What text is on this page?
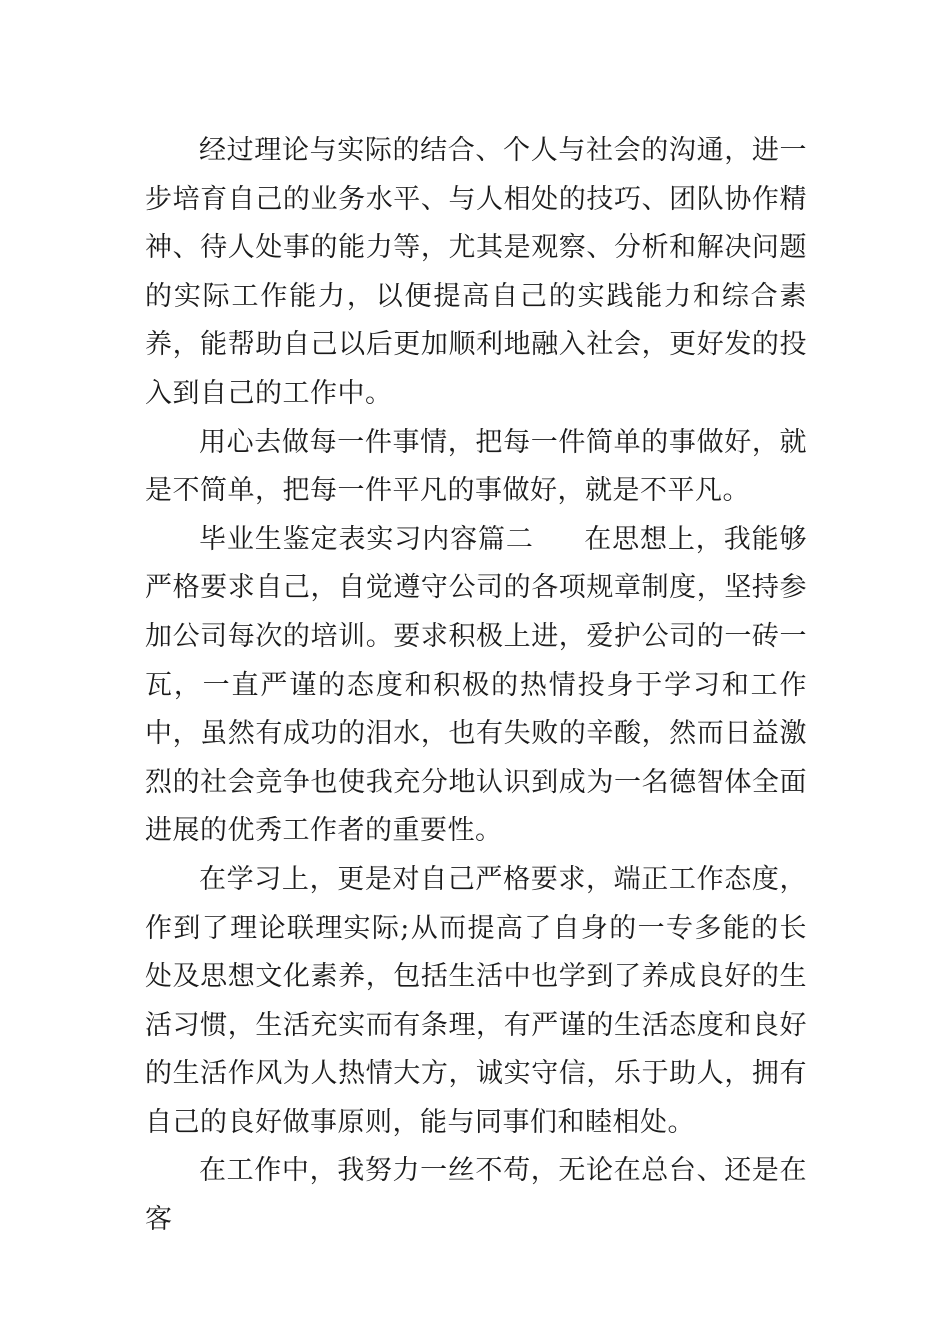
经过理论与实际的结合、个人与社会的沟通，进一步培育自己的业务水平、与人相处的技巧、团队协作精神、待人处事的能力等，尤其是观察、分析和解决问题的实际工作能力，以便提高自己的实践能力和综合素养，能帮助自己以后更加顺利地融入社会，更好发的投入到自己的工作中。

用心去做每一件事情，把每一件简单的事做好，就是不简单，把每一件平凡的事做好，就是不平凡。

毕业生鉴定表实习内容篇二 在思想上，我能够严格要求自己，自觉遵守公司的各项规章制度，坚持参加公司每次的培训。要求积极上进，爱护公司的一砖一瓦，一直严谨的态度和积极的热情投身于学习和工作中，虽然有成功的泪水，也有失败的辛酸，然而日益激烈的社会竞争也使我充分地认识到成为一名德智体全面进展的优秀工作者的重要性。

在学习上，更是对自己严格要求，端正工作态度，作到了理论联理实际;从而提高了自身的一专多能的长处及思想文化素养，包括生活中也学到了养成良好的生活习惯，生活充实而有条理，有严谨的生活态度和良好的生活作风为人热情大方，诚实守信，乐于助人，拥有自己的良好做事原则，能与同事们和睦相处。

在工作中，我努力一丝不苟，无论在总台、还是在客
